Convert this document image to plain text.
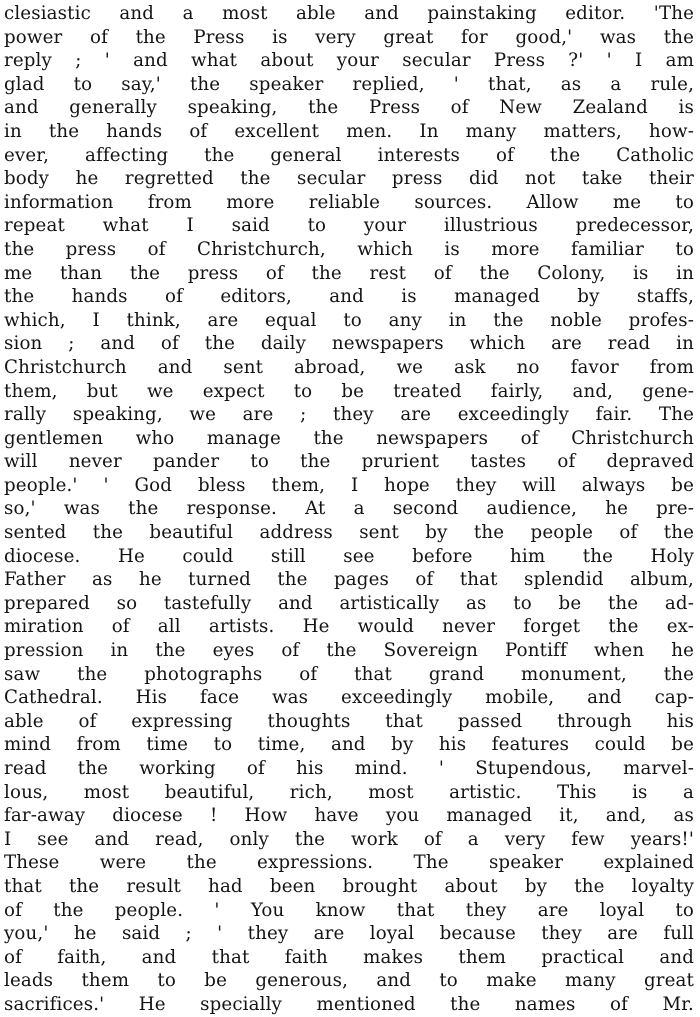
clesiastic and a most able and painstaking editor. 'The
power of the Press is very great for good,' was the
reply ; ' and what about your secular Press ?' ' I am
glad to say,' the speaker replied, ' that, as a rule,
and generally speaking, the Press of New Zealand is
in the hands of excellent men. In many matters, how-
ever, affecting the general interests of the Catholic
body he regretted the secular press did not take their
information from more reliable sources. Allow me to
repeat what I said to your illustrious predecessor,
the press of Christchurch, which is more familiar to
me than the press of the rest of the Colony, is in
the hands of editors, and is managed by staffs,
which, I think, are equal to any in the noble profes-
sion ; and of the daily newspapers which are read in
Christchurch and sent abroad, we ask no favor from
them, but we expect to be treated fairly, and, gene-
rally speaking, we are ; they are exceedingly fair. The
gentlemen who manage the newspapers of Christchurch
will never pander to the prurient tastes of depraved
people.' ' God bless them, I hope they will always be
so,' was the response. At a second audience, he pre-
sented the beautiful address sent by the people of the
diocese. He could still see before him the Holy
Father as he turned the pages of that splendid album,
prepared so tastefully and artistically as to be the ad-
miration of all artists. He would never forget the ex-
pression in the eyes of the Sovereign Pontiff when he
saw the photographs of that grand monument, the
Cathedral. His face was exceedingly mobile, and cap-
able of expressing thoughts that passed through his
mind from time to time, and by his features could be
read the working of his mind. ' Stupendous, marvel-
lous, most beautiful, rich, most artistic. This is a
far-away diocese ! How have you managed it, and, as
I see and read, only the work of a very few years!'
These were the expressions. The speaker explained
that the result had been brought about by the loyalty
of the people. ' You know that they are loyal to
you,' he said ; ' they are loyal because they are full
of faith, and that faith makes them practical and
leads them to be generous, and to make many great
sacrifices.' He specially mentioned the names of Mr.
